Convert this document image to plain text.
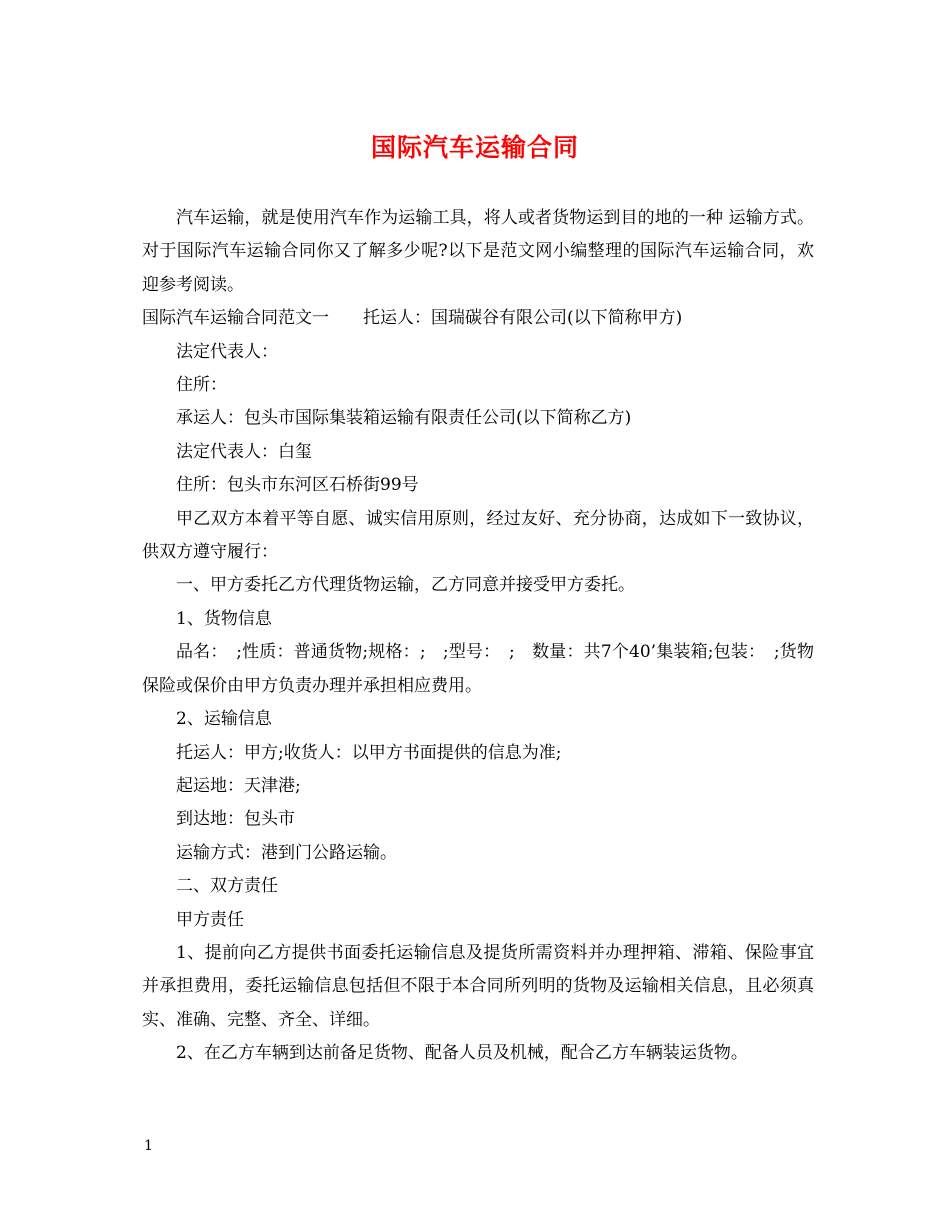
国际汽车运输合同

汽车运输，就是使用汽车作为运输工具，将人或者货物运到目的地的一种 运输方式。对于国际汽车运输合同你又了解多少呢?以下是范文网小编整理的国际汽车运输合同，欢迎参考阅读。

国际汽车运输合同范文一　　托运人：国瑞碳谷有限公司(以下简称甲方)

法定代表人：

住所：

承运人：包头市国际集装箱运输有限责任公司(以下简称乙方)

法定代表人：白玺

住所：包头市东河区石桥街99号

甲乙双方本着平等自愿、诚实信用原则，经过友好、充分协商，达成如下一致协议，供双方遵守履行：

一、甲方委托乙方代理货物运输，乙方同意并接受甲方委托。

1、货物信息

品名：　;性质：普通货物;规格：;　;型号：　;　数量：共7个40’集装箱;包装：　;货物保险或保价由甲方负责办理并承担相应费用。

2、运输信息

托运人：甲方;收货人：以甲方书面提供的信息为准;

起运地：天津港;

到达地：包头市

运输方式：港到门公路运输。

二、双方责任

甲方责任

1、提前向乙方提供书面委托运输信息及提货所需资料并办理押箱、滞箱、保险事宜并承担费用，委托运输信息包括但不限于本合同所列明的货物及运输相关信息，且必须真实、准确、完整、齐全、详细。

2、在乙方车辆到达前备足货物、配备人员及机械，配合乙方车辆装运货物。

1
